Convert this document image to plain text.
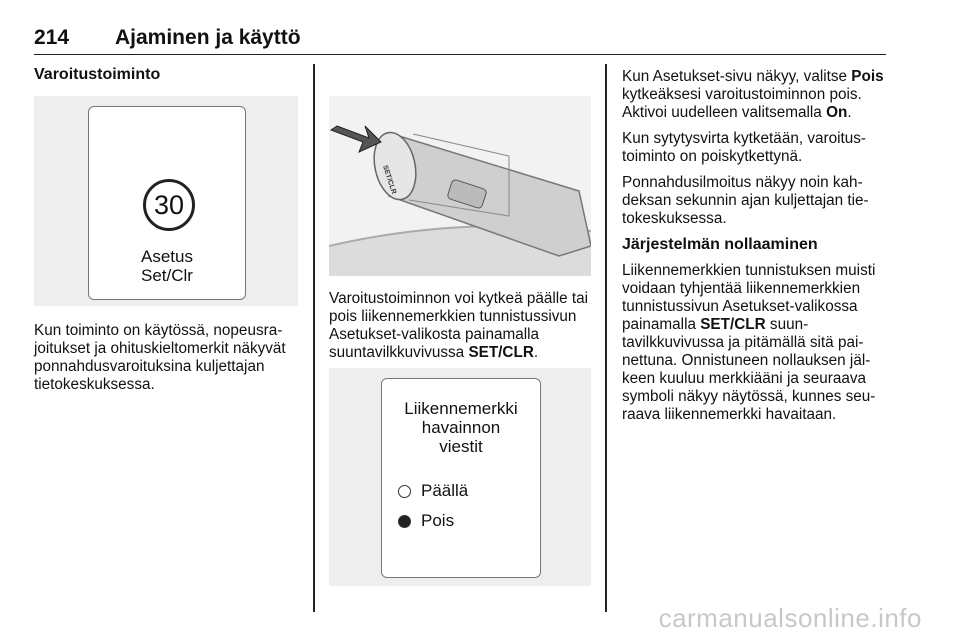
214 Ajaminen ja käyttö
Varoitustoiminto
30
Asetus
Set/Clr

Kun toiminto on käytössä, nopeusrajoitukset ja ohituskieltomerkit näkyvät ponnahdusvaroituksina kuljettajan tietokeskuksessa.

SET/CLR

Varoitustoiminnon voi kytkeä päälle tai pois liikennemerkkien tunnistussivun Asetukset-valikosta painamalla suuntavilkkuvivussa SET/CLR.

Liikennemerkki
havainnon
viestit
Päällä
Pois

Kun Asetukset-sivu näkyy, valitse Pois kytkeäksesi varoitustoiminnon pois. Aktivoi uudelleen valitsemalla On.

Kun sytytysvirta kytketään, varoitustoiminto on poiskytkettynä.

Ponnahdusilmoitus näkyy noin kahdeksan sekunnin ajan kuljettajan tietokeskuksessa.

Järjestelmän nollaaminen

Liikennemerkkien tunnistuksen muisti voidaan tyhjentää liikennemerkkien tunnistussivun Asetukset-valikossa painamalla SET/CLR suuntavilkkuvivussa ja pitämällä sitä painettuna. Onnistuneen nollauksen jälkeen kuuluu merkkiääni ja seuraava symboli näkyy näytössä, kunnes seuraava liikennemerkki havaitaan.

carmanualsonline.info
